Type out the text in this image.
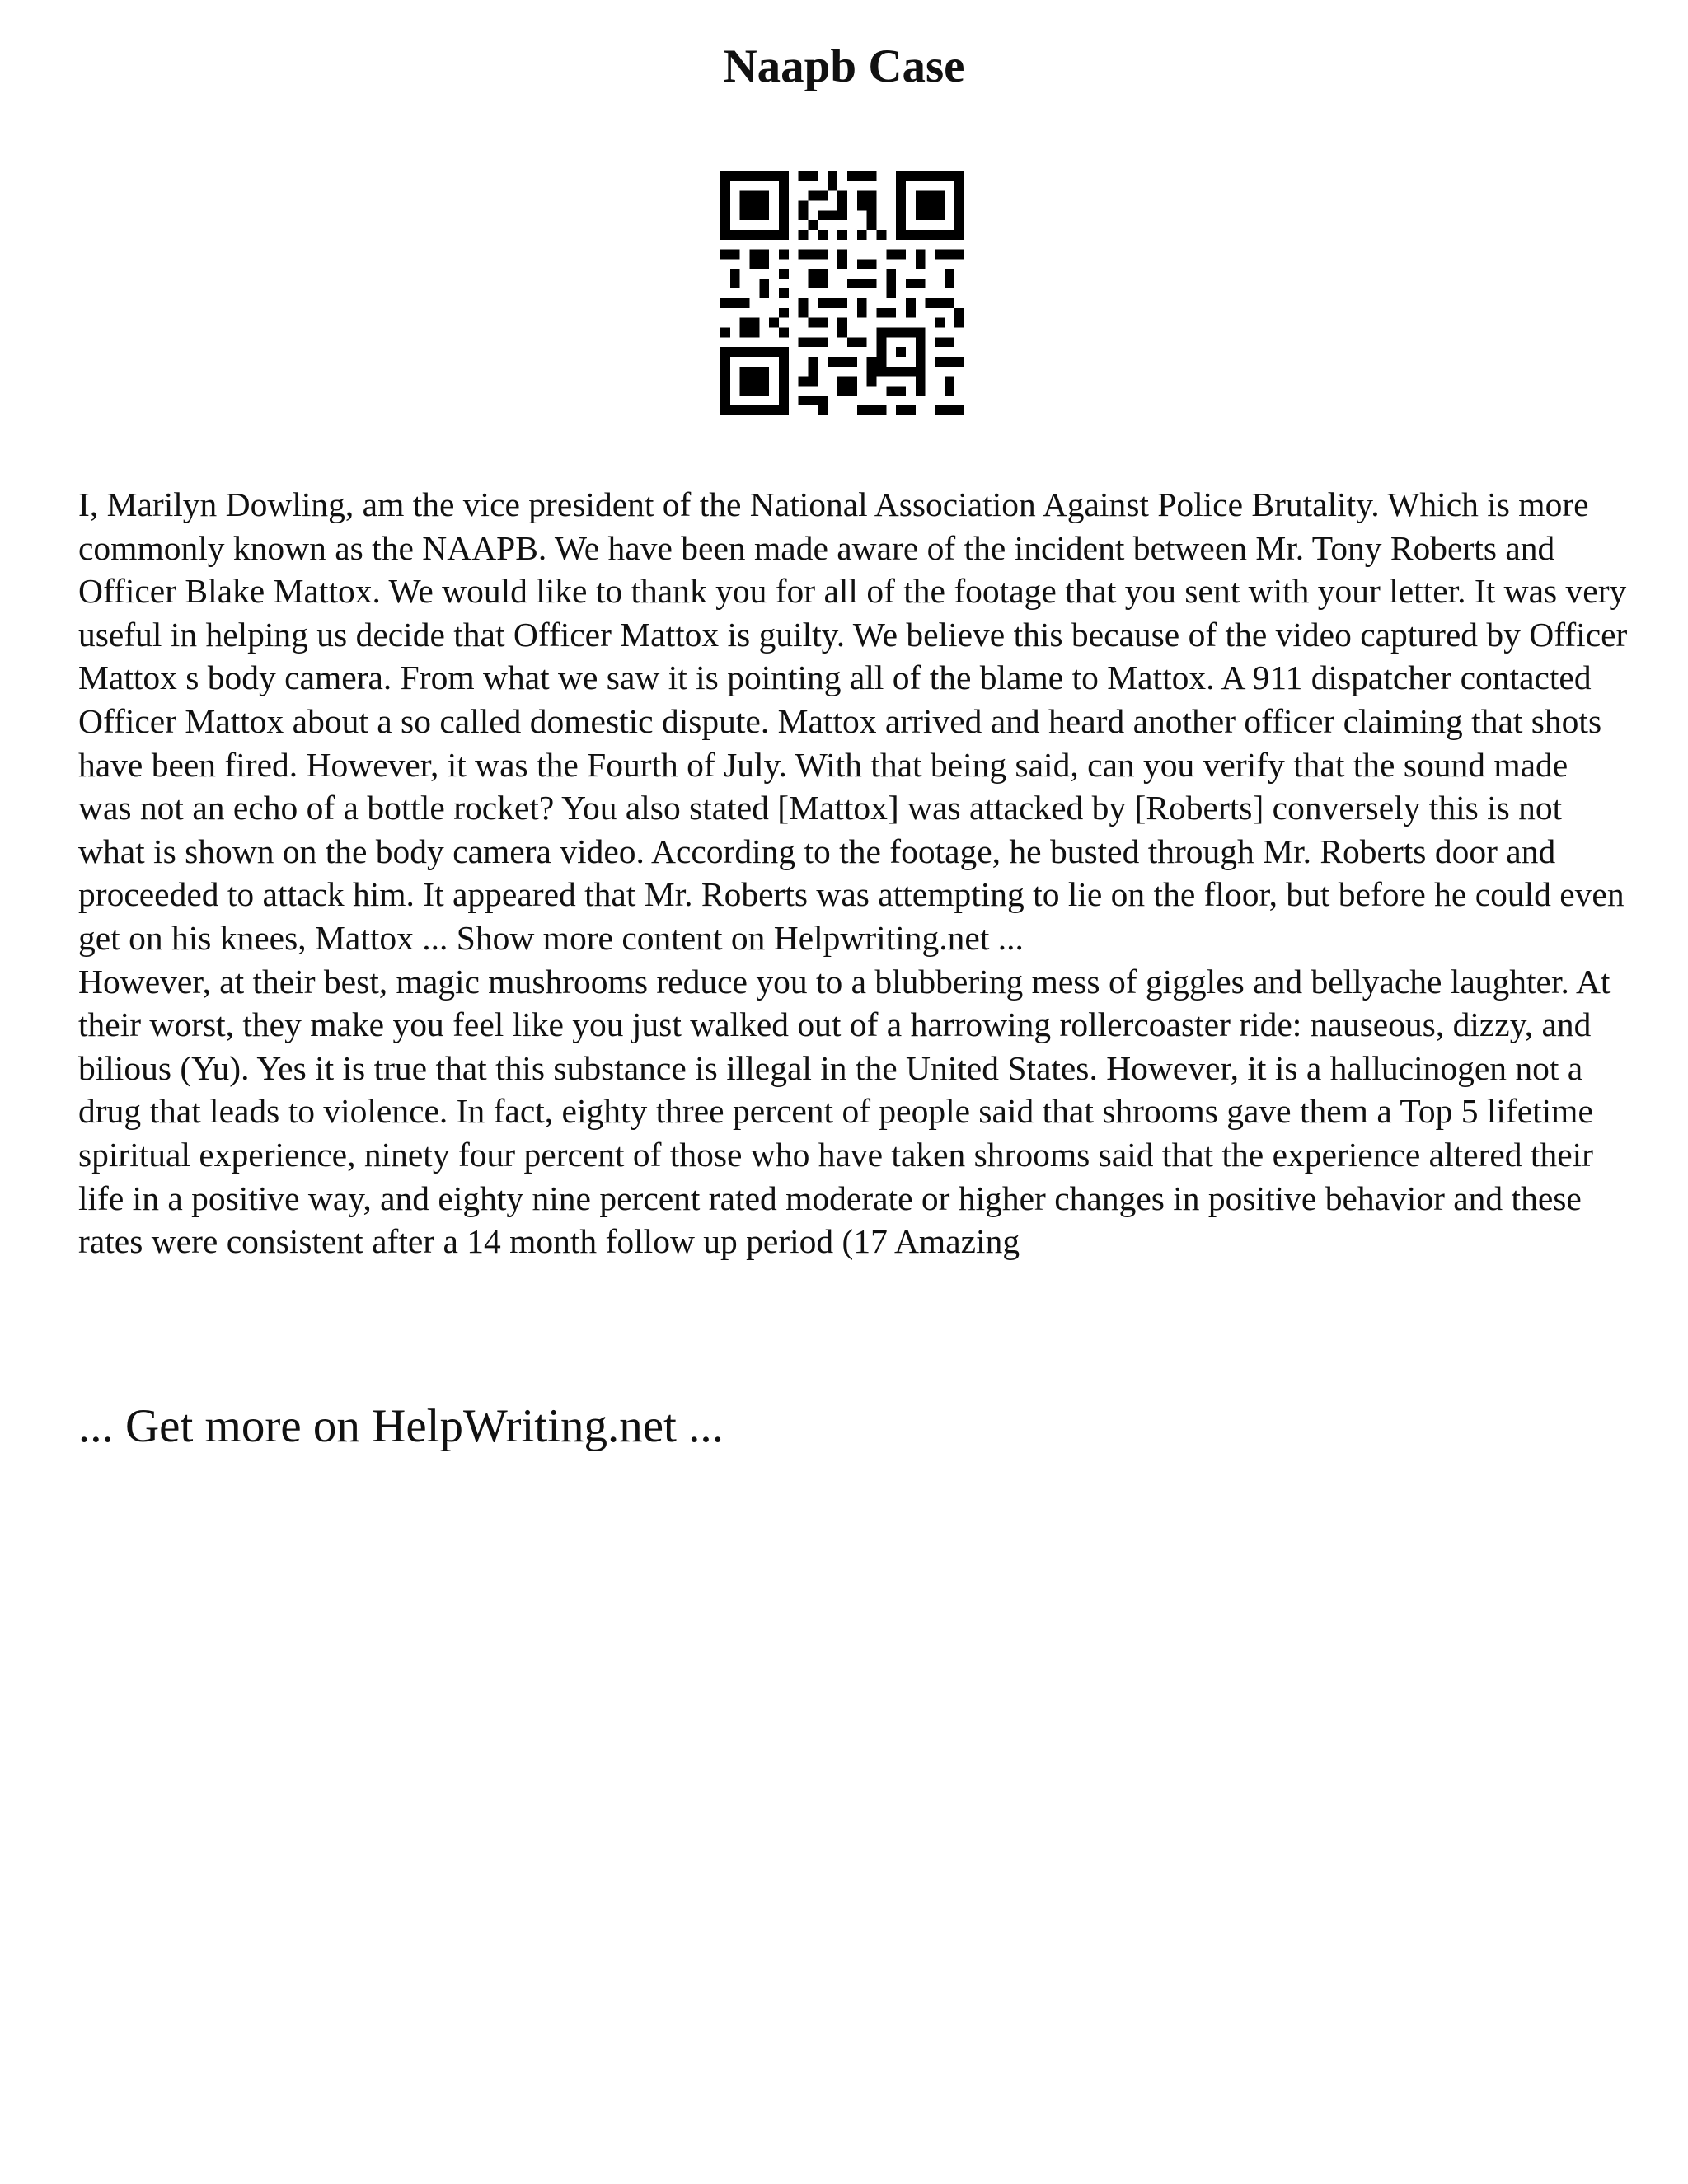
Naapb Case

I, Marilyn Dowling, am the vice president of the National Association Against Police Brutality. Which is more commonly known as the NAAPB. We have been made aware of the incident between Mr. Tony Roberts and Officer Blake Mattox. We would like to thank you for all of the footage that you sent with your letter. It was very useful in helping us decide that Officer Mattox is guilty. We believe this because of the video captured by Officer Mattox s body camera. From what we saw it is pointing all of the blame to Mattox. A 911 dispatcher contacted Officer Mattox about a so called domestic dispute. Mattox arrived and heard another officer claiming that shots have been fired. However, it was the Fourth of July. With that being said, can you verify that the sound made was not an echo of a bottle rocket? You also stated [Mattox] was attacked by [Roberts] conversely this is not what is shown on the body camera video. According to the footage, he busted through Mr. Roberts door and proceeded to attack him. It appeared that Mr. Roberts was attempting to lie on the floor, but before he could even get on his knees, Mattox ... Show more content on Helpwriting.net ...

However, at their best, magic mushrooms reduce you to a blubbering mess of giggles and bellyache laughter. At their worst, they make you feel like you just walked out of a harrowing rollercoaster ride: nauseous, dizzy, and bilious (Yu). Yes it is true that this substance is illegal in the United States. However, it is a hallucinogen not a drug that leads to violence. In fact, eighty three percent of people said that shrooms gave them a Top 5 lifetime spiritual experience, ninety four percent of those who have taken shrooms said that the experience altered their life in a positive way, and eighty nine percent rated moderate or higher changes in positive behavior and these rates were consistent after a 14 month follow up period (17 Amazing

... Get more on HelpWriting.net ...
